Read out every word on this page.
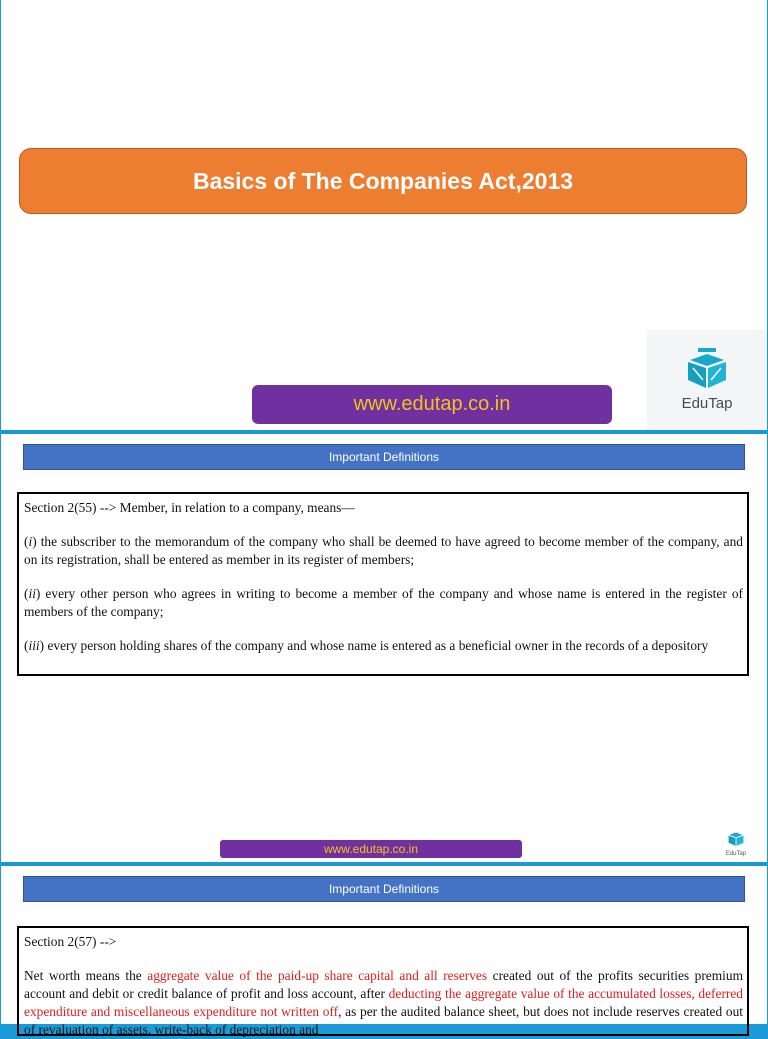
Basics of The Companies Act,2013
www.edutap.co.in	EduTap
Important Definitions

Section 2(55) --> Member, in relation to a company, means—

(i) the subscriber to the memorandum of the company who shall be deemed to have agreed to become member of the company, and on its registration, shall be entered as member in its register of members;

(ii) every other person who agrees in writing to become a member of the company and whose name is entered in the register of members of the company;

(iii) every person holding shares of the company and whose name is entered as a beneficial owner in the records of a depository

www.edutap.co.in	EduTap
Important Definitions

Section 2(57) -->

Net worth means the aggregate value of the paid-up share capital and all reserves created out of the profits securities premium account and debit or credit balance of profit and loss account, after deducting the aggregate value of the accumulated losses, deferred expenditure and miscellaneous expenditure not written off, as per the audited balance sheet, but does not include reserves created out of revaluation of assets, write-back of depreciation and
